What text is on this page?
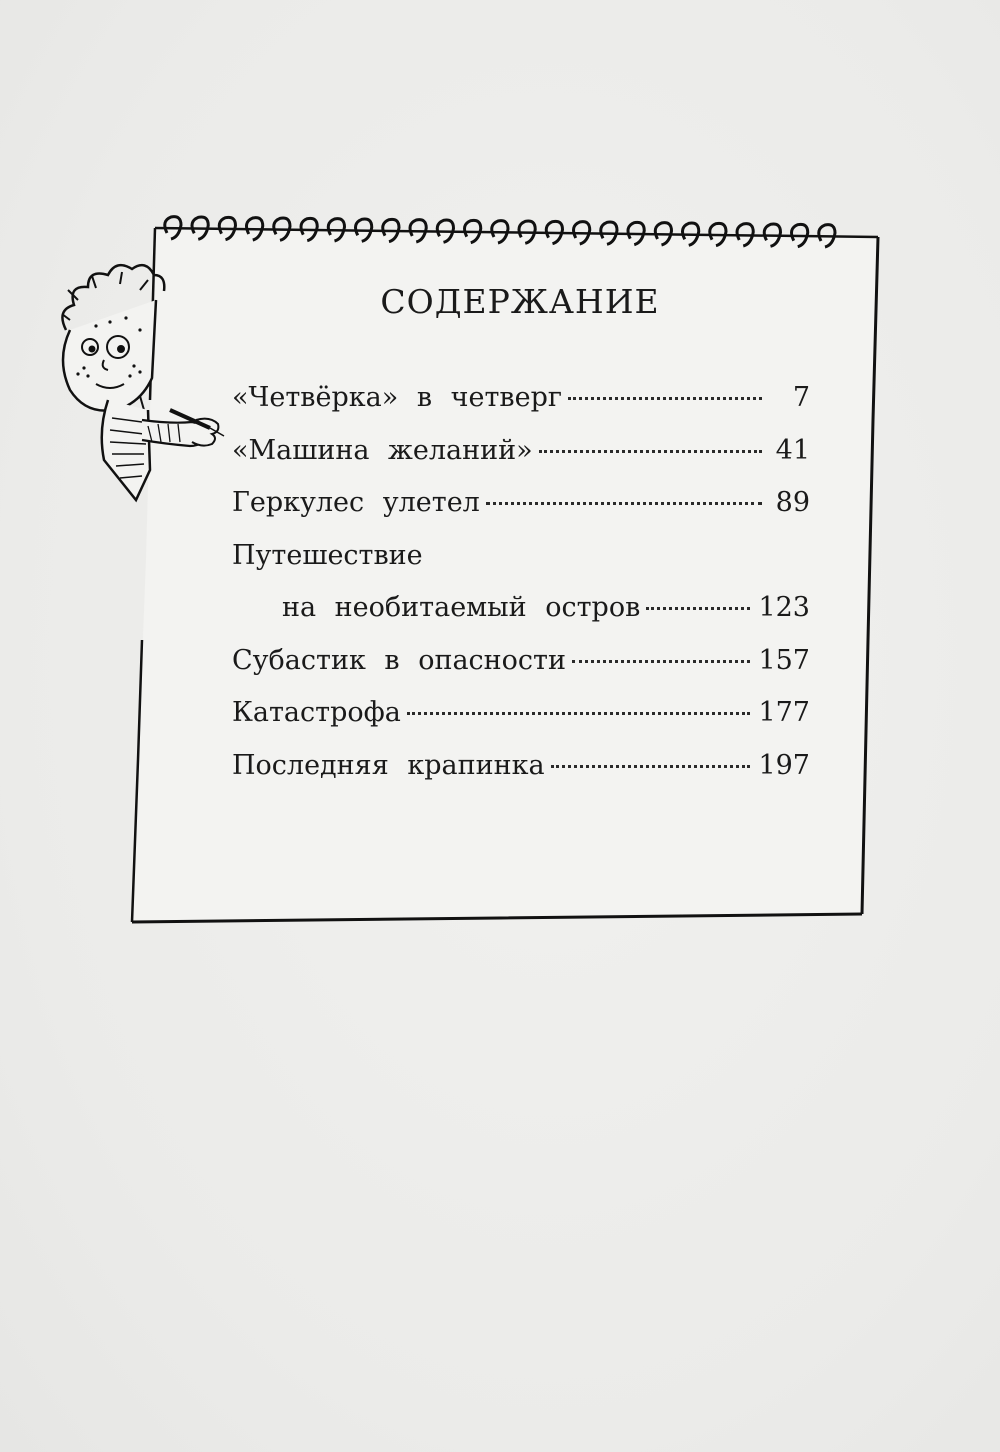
СОДЕРЖАНИЕ
«Четвёрка» в четверг	7
«Машина желаний»	41
Геркулес улетел	89
Путешествие
на необитаемый остров	123
Субастик в опасности	157
Катастрофа	177
Последняя крапинка	197
